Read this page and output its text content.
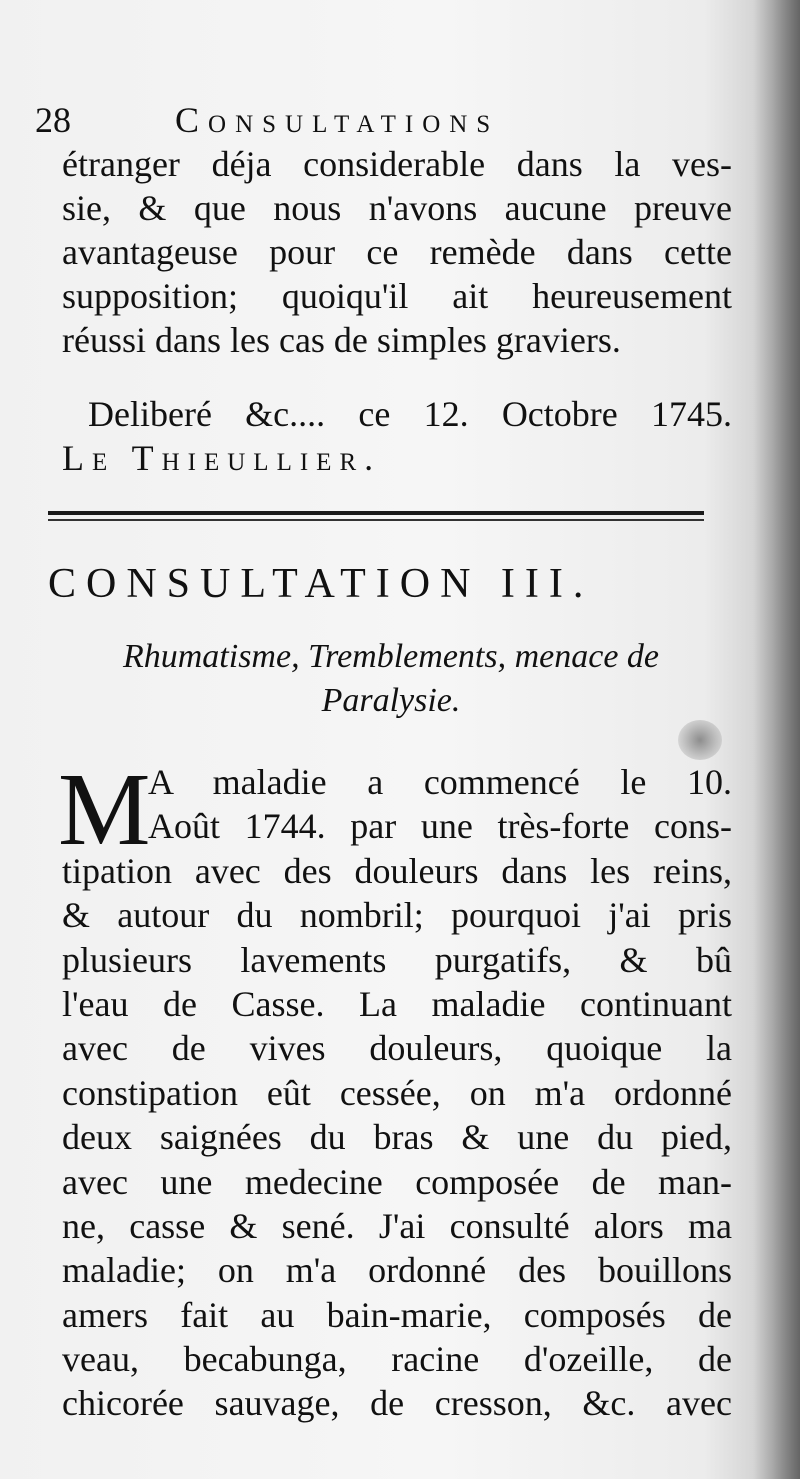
28	Consultations
étranger déja considerable dans la ves-
sie, & que nous n'avons aucune preuve
avantageuse pour ce remède dans cette
supposition; quoiqu'il ait heureusement
réussi dans les cas de simples graviers.
Deliberé &c.... ce 12. Octobre 1745.
Le Thieullier.
CONSULTATION III.
Rhumatisme, Tremblements, menace de
Paralysie.
M
A maladie a commencé le 10.
Août 1744. par une très-forte cons-
tipation avec des douleurs dans les reins,
& autour du nombril; pourquoi j'ai pris
plusieurs lavements purgatifs, & bû
l'eau de Casse. La maladie continuant
avec de vives douleurs, quoique la
constipation eût cessée, on m'a ordonné
deux saignées du bras & une du pied,
avec une medecine composée de man-
ne, casse & sené. J'ai consulté alors ma
maladie; on m'a ordonné des bouillons
amers fait au bain-marie, composés de
veau, becabunga, racine d'ozeille, de
chicorée sauvage, de cresson, &c. avec
